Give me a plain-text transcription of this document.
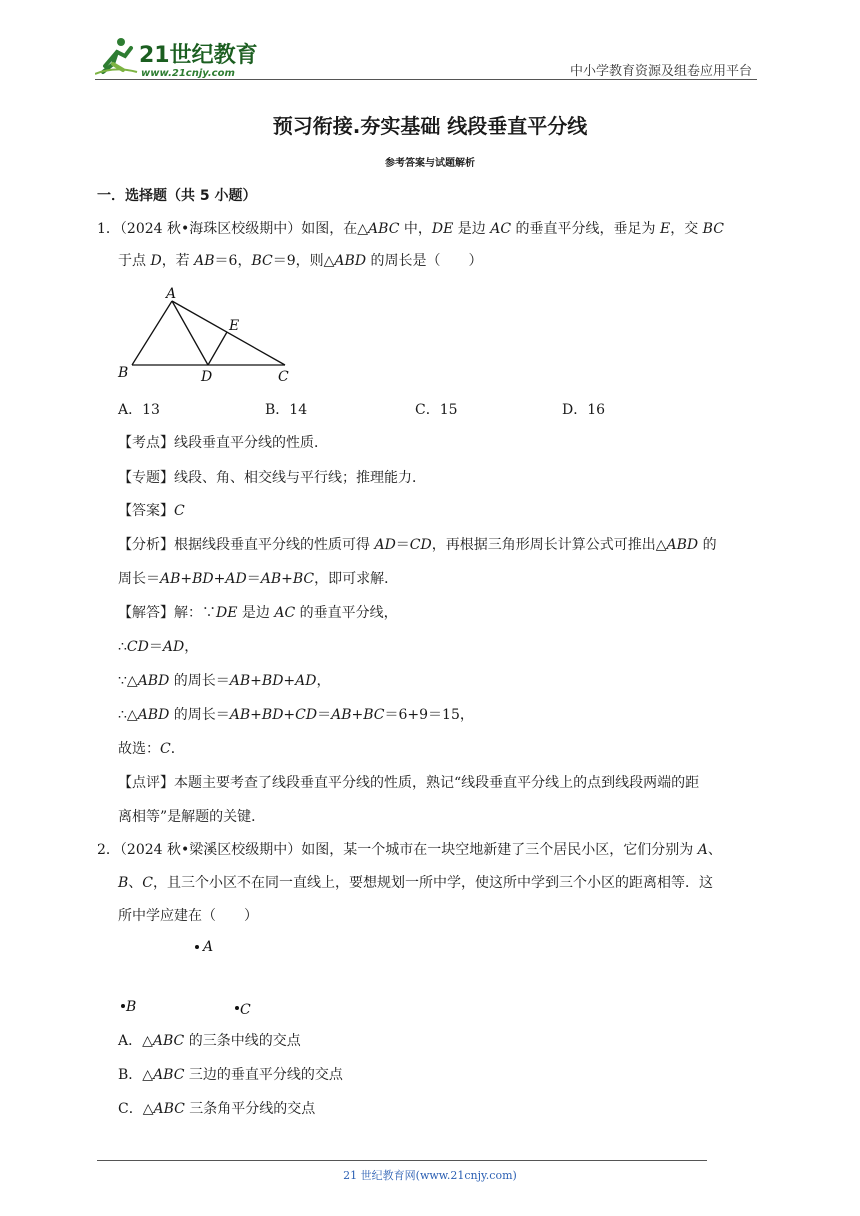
21世纪教育
www.21cnjy.com	中小学教育资源及组卷应用平台
预习衔接.夯实基础 线段垂直平分线
参考答案与试题解析
一．选择题（共 5 小题）
1．（2024 秋•海珠区校级期中）如图，在△ABC 中，DE 是边 AC 的垂直平分线，垂足为 E，交 BC
于点 D，若 AB＝6，BC＝9，则△ABD 的周长是（　　）
A
B	C
D
E
A．13	B．14	C．15	D．16
【考点】线段垂直平分线的性质．
【专题】线段、角、相交线与平行线；推理能力．
【答案】C
【分析】根据线段垂直平分线的性质可得 AD＝CD，再根据三角形周长计算公式可推出△ABD 的
周长＝AB+BD+AD＝AB+BC，即可求解．
【解答】解：∵DE 是边 AC 的垂直平分线，
∴CD＝AD，
∵△ABD 的周长＝AB+BD+AD，
∴△ABD 的周长＝AB+BD+CD＝AB+BC＝6+9＝15，
故选：C．
【点评】本题主要考查了线段垂直平分线的性质，熟记“线段垂直平分线上的点到线段两端的距
离相等”是解题的关键．
2．（2024 秋•梁溪区校级期中）如图，某一个城市在一块空地新建了三个居民小区，它们分别为 A、
B、C，且三个小区不在同一直线上，要想规划一所中学，使这所中学到三个小区的距离相等．这
所中学应建在（　　）
A
B	C
A．△ABC 的三条中线的交点
B．△ABC 三边的垂直平分线的交点
C．△ABC 三条角平分线的交点
21 世纪教育网(www.21cnjy.com)
